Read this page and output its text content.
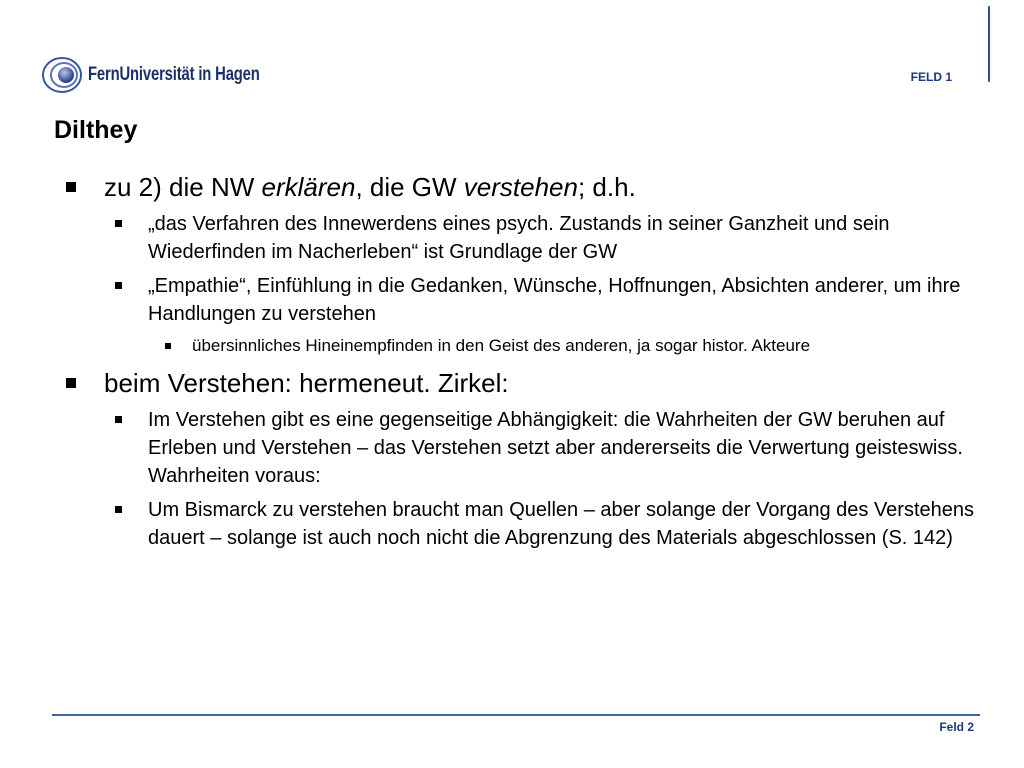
FernUniversität in Hagen	FELD 1
Dilthey
zu 2) die NW erklären, die GW verstehen; d.h.
„das Verfahren des Innewerdens eines psych. Zustands in seiner Ganzheit und sein Wiederfinden im Nacherleben“ ist Grundlage der GW
„Empathie“, Einfühlung in die Gedanken, Wünsche, Hoffnungen, Absichten anderer, um ihre Handlungen zu verstehen
übersinnliches Hineinempfinden in den Geist des anderen, ja sogar histor. Akteure
beim Verstehen: hermeneut. Zirkel:
Im Verstehen gibt es eine gegenseitige Abhängigkeit: die Wahrheiten der GW beruhen auf Erleben und Verstehen – das Verstehen setzt aber andererseits die Verwertung geisteswiss. Wahrheiten voraus:
Um Bismarck zu verstehen braucht man Quellen – aber solange der Vorgang des Verstehens dauert – solange ist auch noch nicht die Abgrenzung des Materials abgeschlossen (S. 142)
Feld 2
